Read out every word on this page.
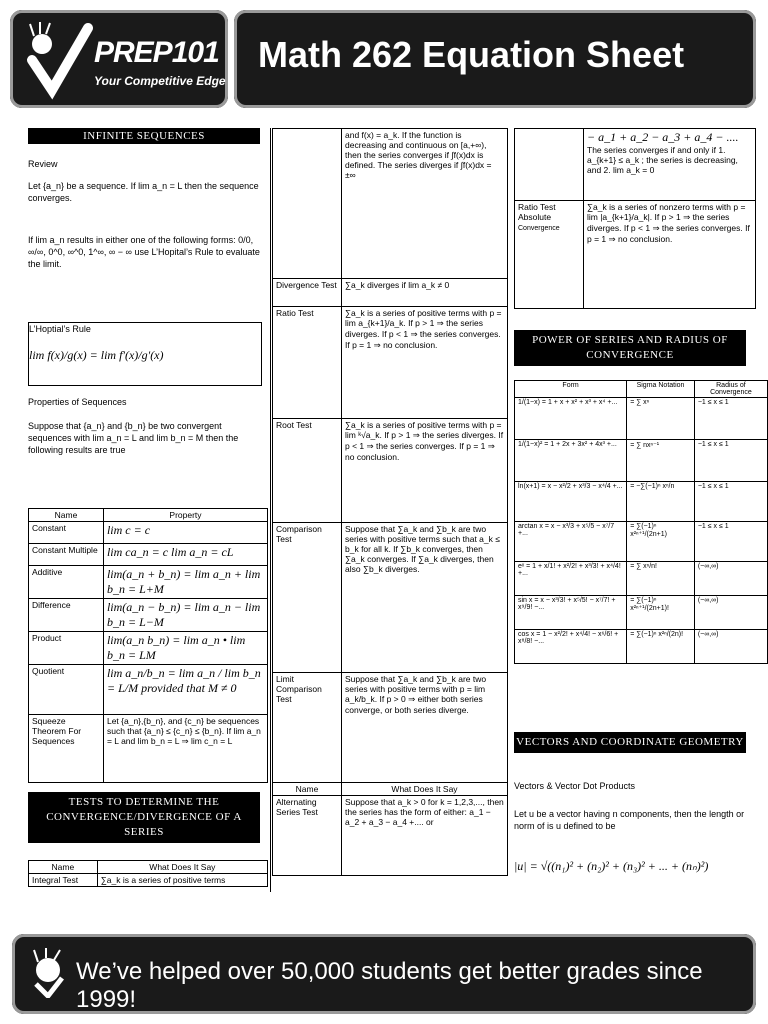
PREP101
Your Competitive Edge
Math 262 Equation Sheet
INFINITE SEQUENCES
Review
Let {a_n} be a sequence. If lim a_n = L then the sequence converges.
If lim a_n results in either one of the following forms: 0/0, ∞/∞, 0^0, ∞^0, 1^∞, ∞ − ∞ use L’Hopital’s Rule to evaluate the limit.
L’Hoptial’s Rule
lim f(x)/g(x) = lim f'(x)/g'(x)
Properties of Sequences
Suppose that {a_n} and {b_n} be two convergent sequences with lim a_n = L and lim b_n = M then the following results are true
Name	Property
Constant	lim c = c
Constant Multiple	lim ca_n = c lim a_n = cL
Additive	lim(a_n + b_n) = lim a_n + lim b_n = L+M
Difference	lim(a_n − b_n) = lim a_n − lim b_n = L−M
Product	lim(a_n b_n) = lim a_n • lim b_n = LM
Quotient	lim a_n/b_n = lim a_n / lim b_n = L/M provided that M ≠ 0
Squeeze Theorem For Sequences	Let {a_n},{b_n}, and {c_n} be sequences such that {a_n} ≤ {c_n} ≤ {b_n}. If lim a_n = L and lim b_n = L ⇒ lim c_n = L
TESTS TO DETERMINE THE CONVERGENCE/DIVERGENCE OF A SERIES
Name	What Does It Say
Integral Test	∑a_k is a series of positive terms
	and f(x) = a_k. If the function is decreasing and continuous on [a,+∞), then the series converges if ∫f(x)dx is defined. The series diverges if ∫f(x)dx = ±∞
Divergence Test	∑a_k diverges if lim a_k ≠ 0
Ratio Test	∑a_k is a series of positive terms with p = lim a_{k+1}/a_k. If p > 1 ⇒ the series diverges. If p < 1 ⇒ the series converges. If p = 1 ⇒ no conclusion.
Root Test	∑a_k is a series of positive terms with p = lim ᵏ√a_k. If p > 1 ⇒ the series diverges. If p < 1 ⇒ the series converges. If p = 1 ⇒ no conclusion.
Comparison Test	Suppose that ∑a_k and ∑b_k are two series with positive terms such that a_k ≤ b_k for all k. If ∑b_k converges, then ∑a_k converges. If ∑a_k diverges, then also ∑b_k diverges.
Limit Comparison Test	Suppose that ∑a_k and ∑b_k are two series with positive terms with p = lim a_k/b_k. If p > 0 ⇒ either both series converge, or both series diverge.
Name	What Does It Say
Alternating Series Test	Suppose that a_k > 0 for k = 1,2,3,..., then the series has the form of either: a_1 − a_2 + a_3 − a_4 +.... or

	− a_1 + a_2 − a_3 + a_4 − ....
The series converges if and only if 1. a_{k+1} ≤ a_k ; the series is decreasing, and 2. lim a_k = 0

Ratio Test Absolute
Convergence	∑a_k is a series of nonzero terms with p = lim |a_{k+1}/a_k|. If p > 1 ⇒ the series diverges. If p < 1 ⇒ the series converges. If p = 1 ⇒ no conclusion.
POWER OF SERIES AND RADIUS OF CONVERGENCE
Form	Sigma Notation	Radius of Convergence
1/(1−x) = 1 + x + x² + x³ + x⁴ +...	= ∑ xⁿ	−1 ≤ x ≤ 1
1/(1−x)² = 1 + 2x + 3x² + 4x³ +...	= ∑ nxⁿ⁻¹	−1 ≤ x ≤ 1
ln(x+1) = x − x²/2 + x³/3 − x⁴/4 +...	= −∑(−1)ⁿ xⁿ/n	−1 ≤ x ≤ 1
arctan x = x − x³/3 + x⁵/5 − x⁷/7 +...	= ∑(−1)ⁿ x²ⁿ⁺¹/(2n+1)	−1 ≤ x ≤ 1
eˣ = 1 + x/1! + x²/2! + x³/3! + x⁴/4! +...	= ∑ xⁿ/n!	(−∞,∞)
sin x = x − x³/3! + x⁵/5! − x⁷/7! + x⁹/9! −...	= ∑(−1)ⁿ x²ⁿ⁺¹/(2n+1)!	(−∞,∞)
cos x = 1 − x²/2! + x⁴/4! − x⁶/6! + x⁸/8! −...	= ∑(−1)ⁿ x²ⁿ/(2n)!	(−∞,∞)
VECTORS AND COORDINATE GEOMETRY
Vectors & Vector Dot Products
Let u be a vector having n components, then the length or norm of is u defined to be
|u| = √((n₁)² + (n₂)² + (n₃)² + ... + (nₙ)²)
We’ve helped over 50,000 students get better grades since 1999!
